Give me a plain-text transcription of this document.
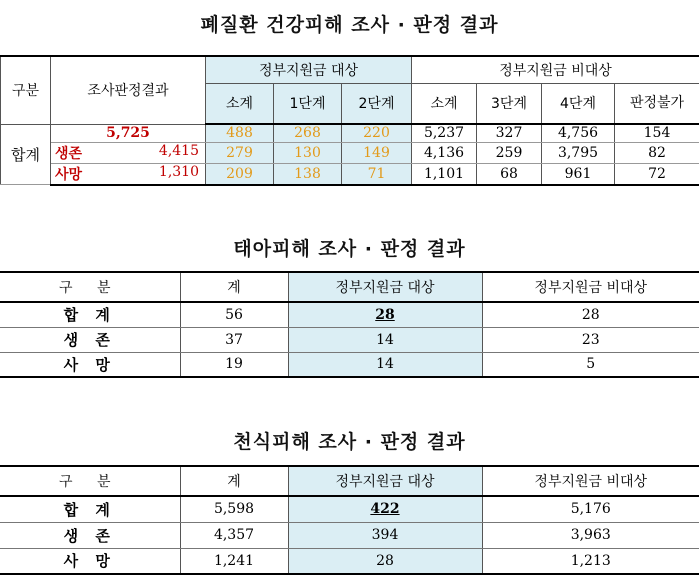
폐질환 건강피해 조사 · 판정 결과
구분	조사판정결과	정부지원금 대상			정부지원금 비대상			
		소계	1단계	2단계	소계	3단계	4단계	판정불가
합계	5,725	488	268	220	5,237	327	4,756	154

	생존 4,415	279	130	149	4,136	259	3,795	82

	사망 1,310	209	138	71	1,101	68	961	72
태아피해 조사 · 판정 결과
구 분	계	정부지원금 대상	정부지원금 비대상
합 계	56	28	28
생 존	37	14	23
사 망	19	14	5
천식피해 조사 · 판정 결과
구 분	계	정부지원금 대상	정부지원금 비대상
합 계	5,598	422	5,176
생 존	4,357	394	3,963
사 망	1,241	28	1,213
